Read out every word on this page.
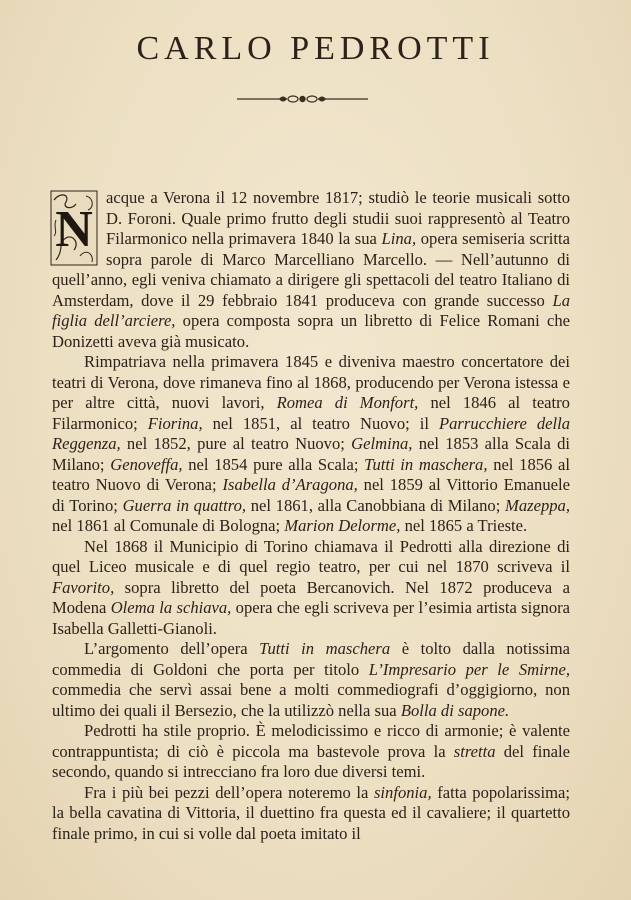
CARLO PEDROTTI

N
acque a Verona il 12 novembre 1817; studiò le teorie musicali sotto D. Foroni. Quale primo frutto degli studii suoi rappresentò al Teatro Filarmonico nella primavera 1840 la sua Lina, opera semiseria scritta sopra parole di Marco Marcelliano Marcello. — Nell’autunno di quell’anno, egli veniva chiamato a dirigere gli spettacoli del teatro Italiano di Amsterdam, dove il 29 febbraio 1841 produceva con grande successo La figlia dell’arciere, opera composta sopra un libretto di Felice Romani che Donizetti aveva già musicato.

Rimpatriava nella primavera 1845 e diveniva maestro concertatore dei teatri di Verona, dove rimaneva fino al 1868, producendo per Verona istessa e per altre città, nuovi lavori, Romea di Monfort, nel 1846 al teatro Filarmonico; Fiorina, nel 1851, al teatro Nuovo; il Parrucchiere della Reggenza, nel 1852, pure al teatro Nuovo; Gelmina, nel 1853 alla Scala di Milano; Genoveffa, nel 1854 pure alla Scala; Tutti in maschera, nel 1856 al teatro Nuovo di Verona; Isabella d’Aragona, nel 1859 al Vittorio Emanuele di Torino; Guerra in quattro, nel 1861, alla Canobbiana di Milano; Mazeppa, nel 1861 al Comunale di Bologna; Marion Delorme, nel 1865 a Trieste.

Nel 1868 il Municipio di Torino chiamava il Pedrotti alla direzione di quel Liceo musicale e di quel regio teatro, per cui nel 1870 scriveva il Favorito, sopra libretto del poeta Bercanovich. Nel 1872 produceva a Modena Olema la schiava, opera che egli scriveva per l’esimia artista signora Isabella Galletti-Gianoli.

L’argomento dell’opera Tutti in maschera è tolto dalla notissima commedia di Goldoni che porta per titolo L’Impresario per le Smirne, commedia che servì assai bene a molti commediografi d’oggigiorno, non ultimo dei quali il Bersezio, che la utilizzò nella sua Bolla di sapone.

Pedrotti ha stile proprio. È melodicissimo e ricco di armonie; è valente contrappuntista; di ciò è piccola ma bastevole prova la stretta del finale secondo, quando si intrecciano fra loro due diversi temi.

Fra i più bei pezzi dell’opera noteremo la sinfonia, fatta popolarissima; la bella cavatina di Vittoria, il duettino fra questa ed il cavaliere; il quartetto finale primo, in cui si volle dal poeta imitato il
